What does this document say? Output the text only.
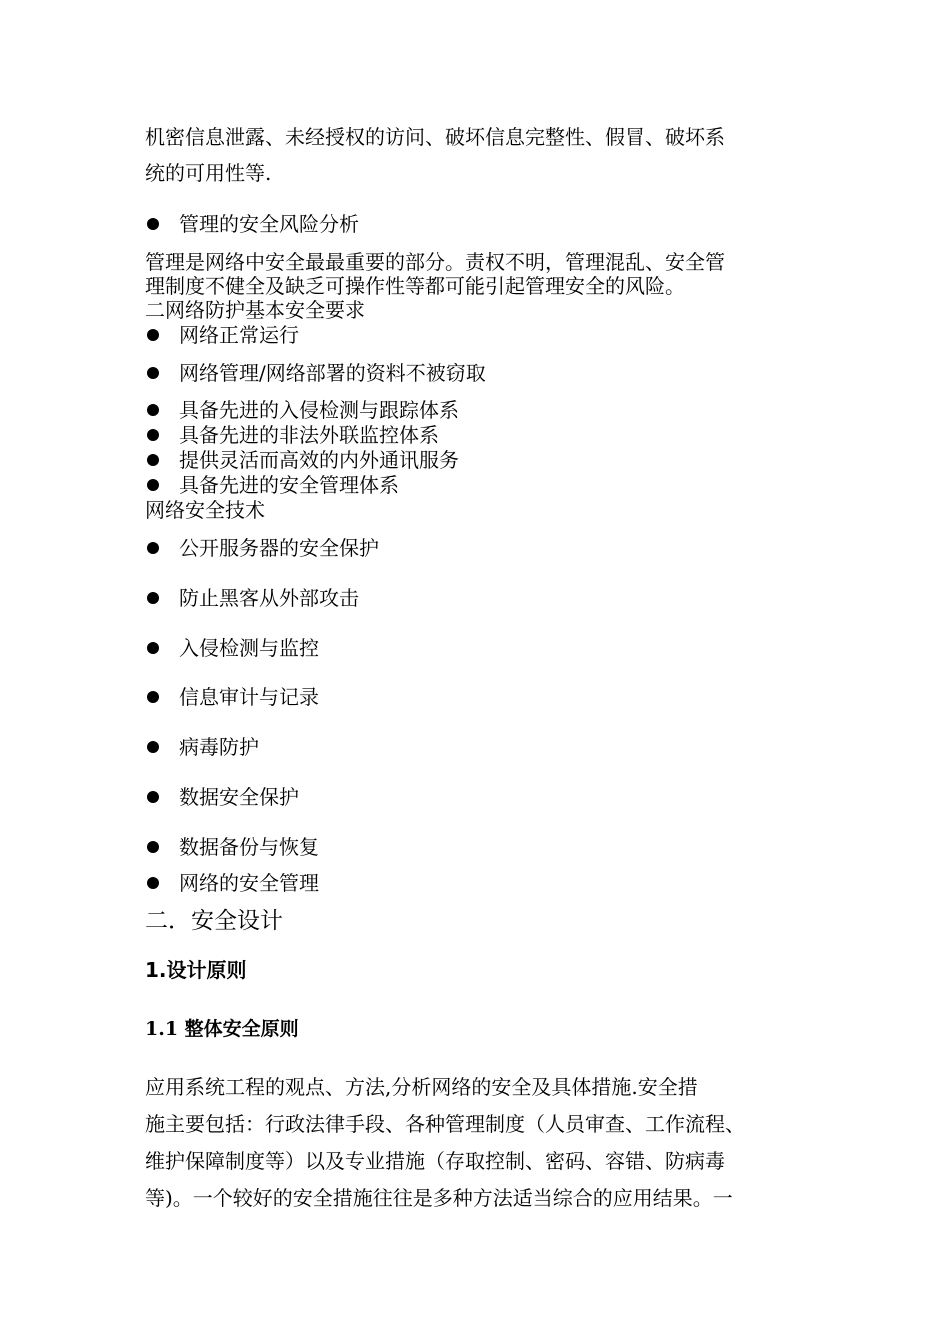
机密信息泄露、未经授权的访问、破坏信息完整性、假冒、破坏系
统的可用性等.
管理的安全风险分析
管理是网络中安全最最重要的部分。责权不明，管理混乱、安全管
理制度不健全及缺乏可操作性等都可能引起管理安全的风险。
二网络防护基本安全要求
网络正常运行
网络管理/网络部署的资料不被窃取
具备先进的入侵检测与跟踪体系
具备先进的非法外联监控体系
提供灵活而高效的内外通讯服务
具备先进的安全管理体系
网络安全技术
公开服务器的安全保护
防止黑客从外部攻击
入侵检测与监控
信息审计与记录
病毒防护
数据安全保护
数据备份与恢复
网络的安全管理
二．安全设计
1.设计原则
1.1 整体安全原则
应用系统工程的观点、方法,分析网络的安全及具体措施.安全措
施主要包括：行政法律手段、各种管理制度（人员审查、工作流程、
维护保障制度等）以及专业措施（存取控制、密码、容错、防病毒
等)。一个较好的安全措施往往是多种方法适当综合的应用结果。一
